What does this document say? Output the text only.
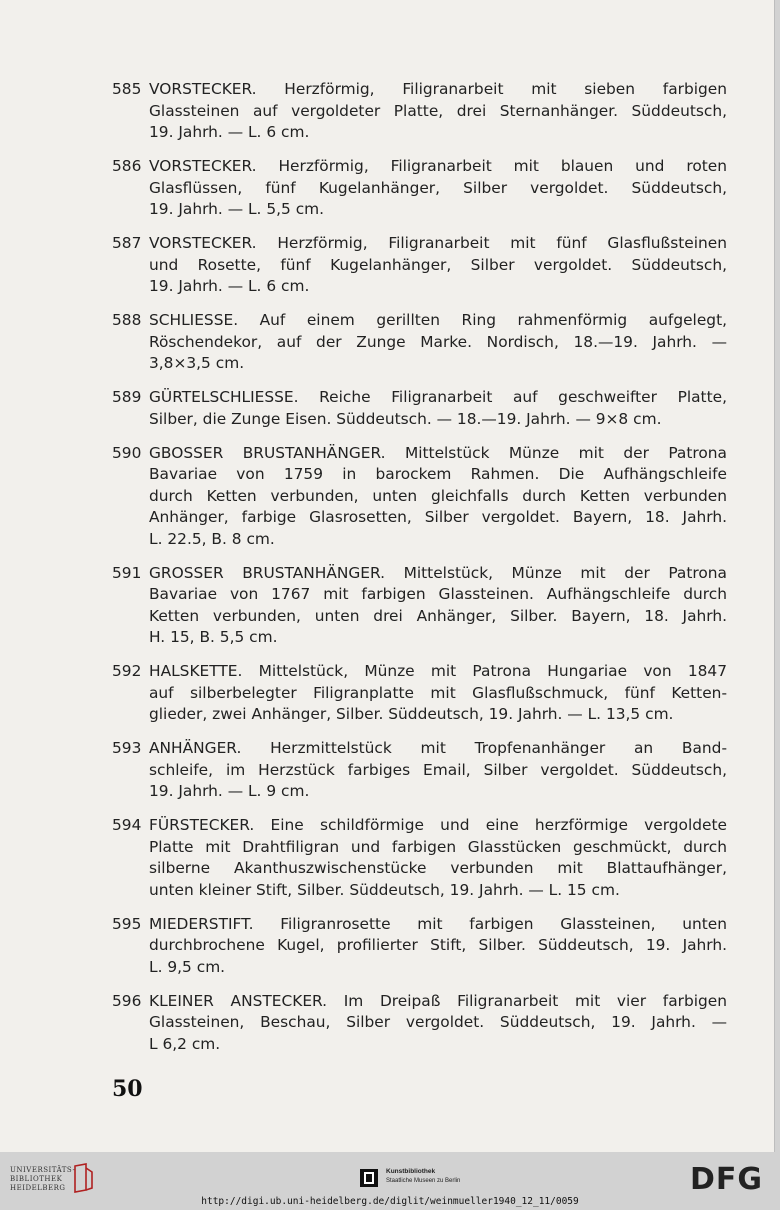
585 VORSTECKER. Herzförmig, Filigranarbeit mit sieben farbigen
Glassteinen auf vergoldeter Platte, drei Sternanhänger. Süddeutsch,
19. Jahrh. — L. 6 cm.
586 VORSTECKER. Herzförmig, Filigranarbeit mit blauen und roten
Glasflüssen, fünf Kugelanhänger, Silber vergoldet. Süddeutsch,
19. Jahrh. — L. 5,5 cm.
587 VORSTECKER. Herzförmig, Filigranarbeit mit fünf Glasflußsteinen
und Rosette, fünf Kugelanhänger, Silber vergoldet. Süddeutsch,
19. Jahrh. — L. 6 cm.
588 SCHLIESSE. Auf einem gerillten Ring rahmenförmig aufgelegt,
Röschendekor, auf der Zunge Marke. Nordisch, 18.—19. Jahrh. —
3,8×3,5 cm.
589 GÜRTELSCHLIESSE. Reiche Filigranarbeit auf geschweifter Platte,
Silber, die Zunge Eisen. Süddeutsch. — 18.—19. Jahrh. — 9×8 cm.
590 GBOSSER BRUSTANHÄNGER. Mittelstück Münze mit der Patrona
Bavariae von 1759 in barockem Rahmen. Die Aufhängschleife
durch Ketten verbunden, unten gleichfalls durch Ketten verbunden
Anhänger, farbige Glasrosetten, Silber vergoldet. Bayern, 18. Jahrh.
L. 22.5, B. 8 cm.
591 GROSSER BRUSTANHÄNGER. Mittelstück, Münze mit der Patrona
Bavariae von 1767 mit farbigen Glassteinen. Aufhängschleife durch
Ketten verbunden, unten drei Anhänger, Silber. Bayern, 18. Jahrh.
H. 15, B. 5,5 cm.
592 HALSKETTE. Mittelstück, Münze mit Patrona Hungariae von 1847
auf silberbelegter Filigranplatte mit Glasflußschmuck, fünf Ketten-
glieder, zwei Anhänger, Silber. Süddeutsch, 19. Jahrh. — L. 13,5 cm.
593 ANHÄNGER. Herzmittelstück mit Tropfenanhänger an Band-
schleife, im Herzstück farbiges Email, Silber vergoldet. Süddeutsch,
19. Jahrh. — L. 9 cm.
594 FÜRSTECKER. Eine schildförmige und eine herzförmige vergoldete
Platte mit Drahtfiligran und farbigen Glasstücken geschmückt, durch
silberne Akanthuszwischenstücke verbunden mit Blattaufhänger,
unten kleiner Stift, Silber. Süddeutsch, 19. Jahrh. — L. 15 cm.
595 MIEDERSTIFT. Filigranrosette mit farbigen Glassteinen, unten
durchbrochene Kugel, profilierter Stift, Silber. Süddeutsch, 19. Jahrh.
L. 9,5 cm.
596 KLEINER ANSTECKER. Im Dreipaß Filigranarbeit mit vier farbigen
Glassteinen, Beschau, Silber vergoldet. Süddeutsch, 19. Jahrh. —
L 6,2 cm.
50
UNIVERSITÄTS-
BIBLIOTHEK
HEIDELBERG
Kunstbibliothek
Staatliche Museen zu Berlin	DFG
http://digi.ub.uni-heidelberg.de/diglit/weinmueller1940_12_11/0059
